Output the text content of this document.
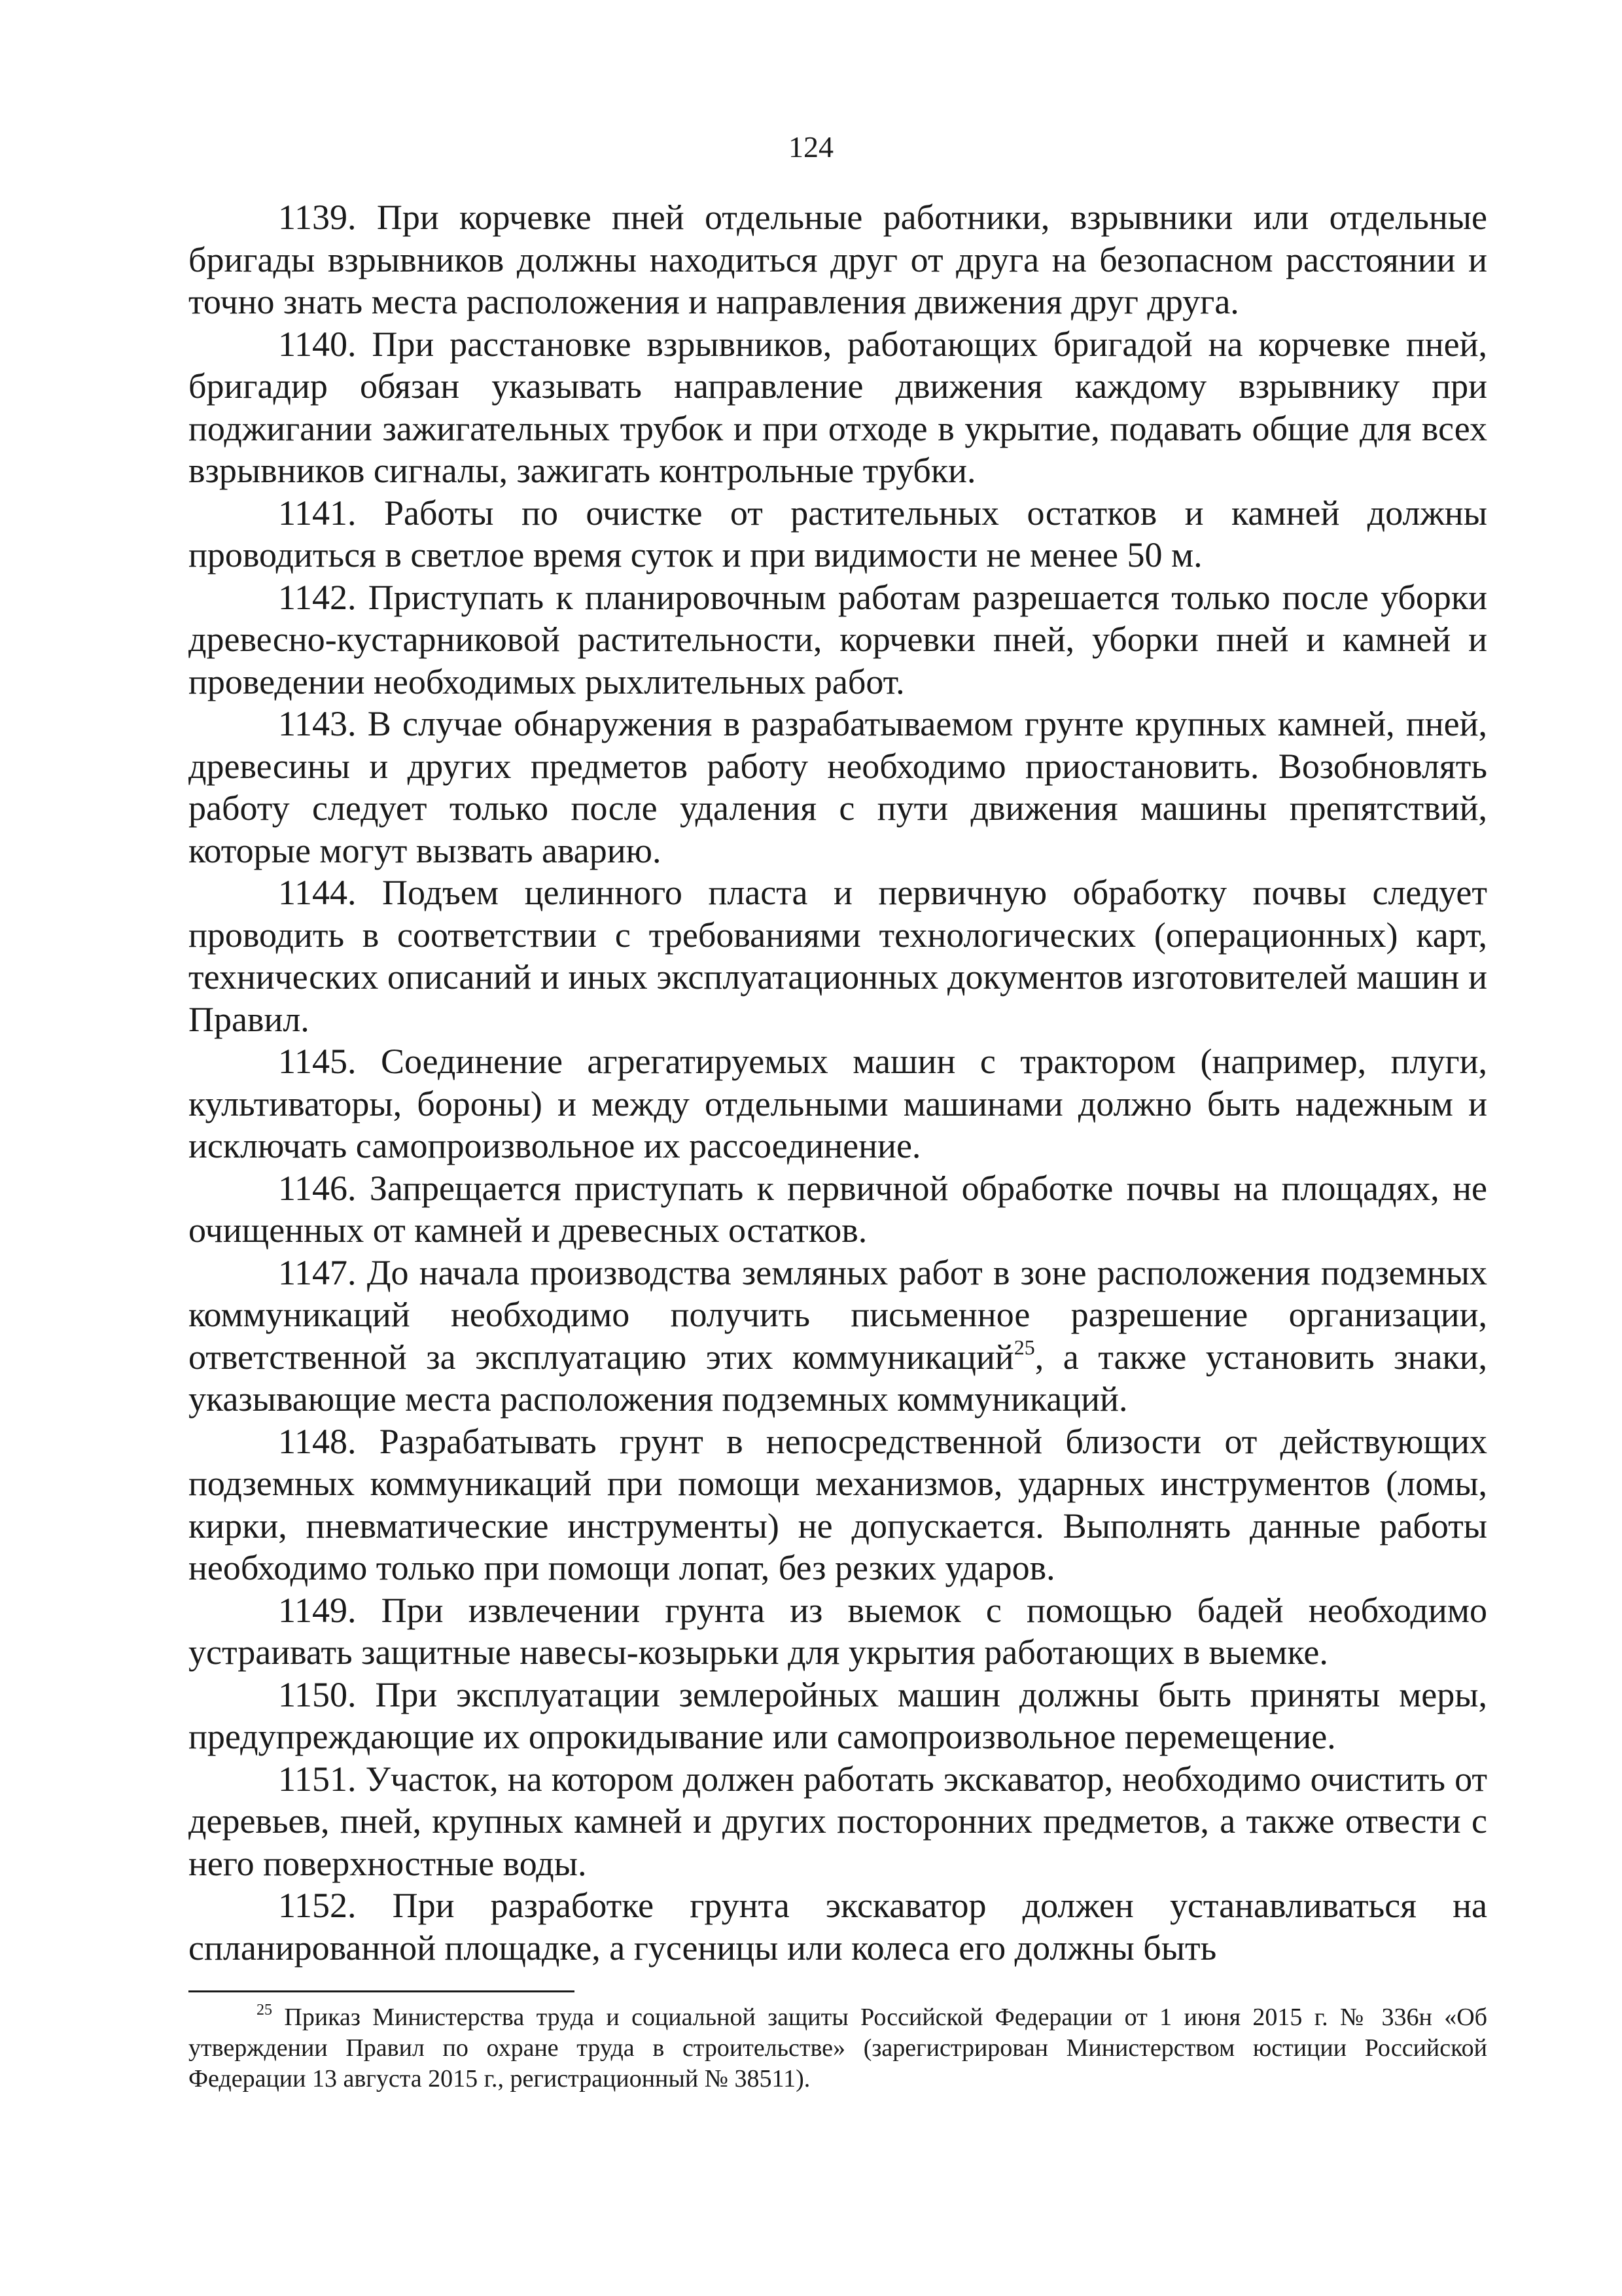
124

1139. При корчевке пней отдельные работники, взрывники или отдельные бригады взрывников должны находиться друг от друга на безопасном расстоянии и точно знать места расположения и направления движения друг друга.

1140. При расстановке взрывников, работающих бригадой на корчевке пней, бригадир обязан указывать направление движения каждому взрывнику при поджигании зажигательных трубок и при отходе в укрытие, подавать общие для всех взрывников сигналы, зажигать контрольные трубки.

1141. Работы по очистке от растительных остатков и камней должны проводиться в светлое время суток и при видимости не менее 50 м.

1142. Приступать к планировочным работам разрешается только после уборки древесно-кустарниковой растительности, корчевки пней, уборки пней и камней и проведении необходимых рыхлительных работ.

1143. В случае обнаружения в разрабатываемом грунте крупных камней, пней, древесины и других предметов работу необходимо приостановить. Возобновлять работу следует только после удаления с пути движения машины препятствий, которые могут вызвать аварию.

1144. Подъем целинного пласта и первичную обработку почвы следует проводить в соответствии с требованиями технологических (операционных) карт, технических описаний и иных эксплуатационных документов изготовителей машин и Правил.

1145. Соединение агрегатируемых машин с трактором (например, плуги, культиваторы, бороны) и между отдельными машинами должно быть надежным и исключать самопроизвольное их рассоединение.

1146. Запрещается приступать к первичной обработке почвы на площадях, не очищенных от камней и древесных остатков.

1147. До начала производства земляных работ в зоне расположения подземных коммуникаций необходимо получить письменное разрешение организации, ответственной за эксплуатацию этих коммуникаций$^{25}$, а также установить знаки, указывающие места расположения подземных коммуникаций.

1148. Разрабатывать грунт в непосредственной близости от действующих подземных коммуникаций при помощи механизмов, ударных инструментов (ломы, кирки, пневматические инструменты) не допускается. Выполнять данные работы необходимо только при помощи лопат, без резких ударов.

1149. При извлечении грунта из выемок с помощью бадей необходимо устраивать защитные навесы-козырьки для укрытия работающих в выемке.

1150. При эксплуатации землеройных машин должны быть приняты меры, предупреждающие их опрокидывание или самопроизвольное перемещение.

1151. Участок, на котором должен работать экскаватор, необходимо очистить от деревьев, пней, крупных камней и других посторонних предметов, а также отвести с него поверхностные воды.

1152. При разработке грунта экскаватор должен устанавливаться на спланированной площадке, а гусеницы или колеса его должны быть

$^{25}$ Приказ Министерства труда и социальной защиты Российской Федерации от 1 июня 2015 г. № 336н «Об утверждении Правил по охране труда в строительстве» (зарегистрирован Министерством юстиции Российской Федерации 13 августа 2015 г., регистрационный № 38511).
